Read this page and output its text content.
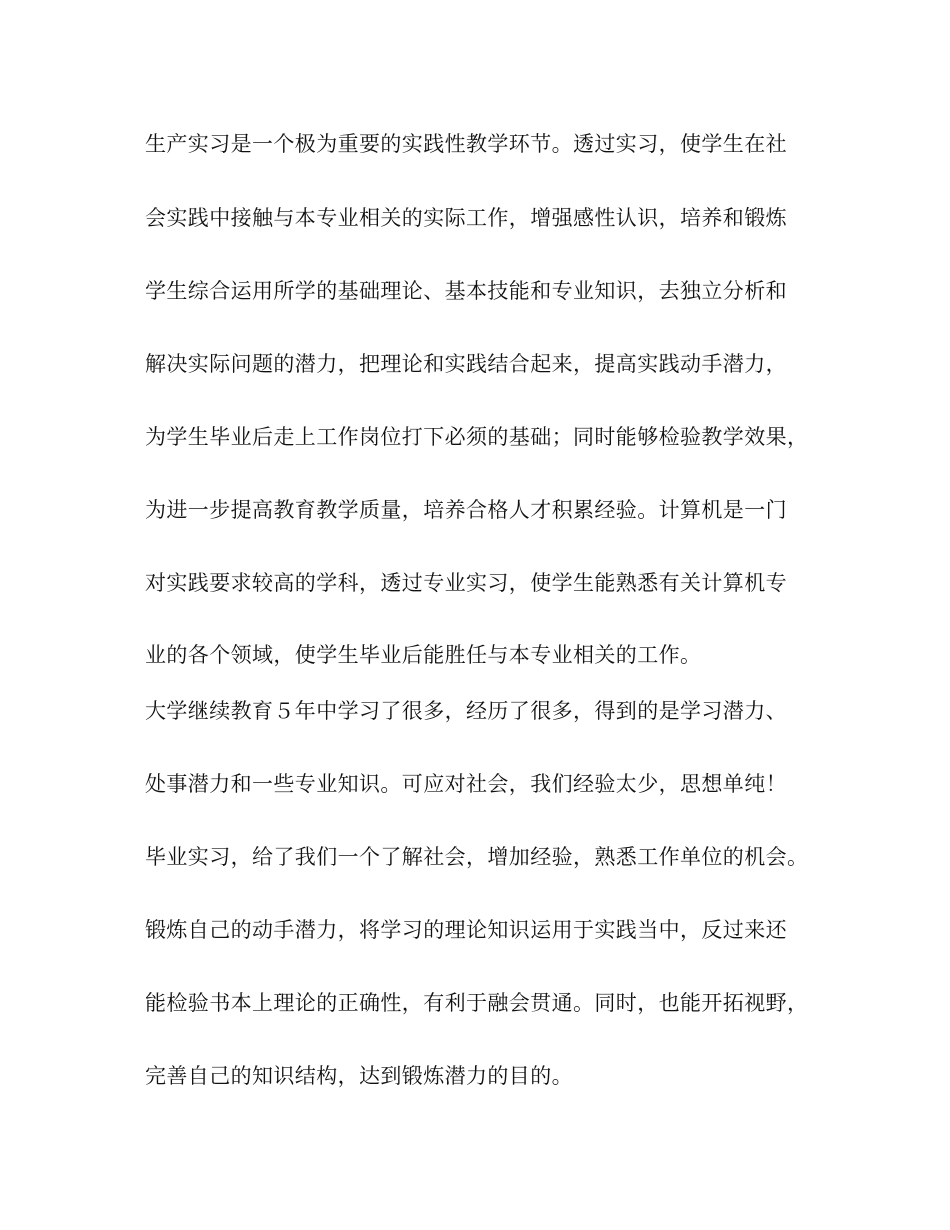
生产实习是一个极为重要的实践性教学环节。透过实习，使学生在社
会实践中接触与本专业相关的实际工作，增强感性认识，培养和锻炼
学生综合运用所学的基础理论、基本技能和专业知识，去独立分析和
解决实际问题的潜力，把理论和实践结合起来，提高实践动手潜力，
为学生毕业后走上工作岗位打下必须的基础；同时能够检验教学效果，
为进一步提高教育教学质量，培养合格人才积累经验。计算机是一门
对实践要求较高的学科，透过专业实习，使学生能熟悉有关计算机专
业的各个领域，使学生毕业后能胜任与本专业相关的工作。
大学继续教育５年中学习了很多，经历了很多，得到的是学习潜力、
处事潜力和一些专业知识。可应对社会，我们经验太少，思想单纯！
毕业实习，给了我们一个了解社会，增加经验，熟悉工作单位的机会。
锻炼自己的动手潜力，将学习的理论知识运用于实践当中，反过来还
能检验书本上理论的正确性，有利于融会贯通。同时，也能开拓视野，
完善自己的知识结构，达到锻炼潜力的目的。
